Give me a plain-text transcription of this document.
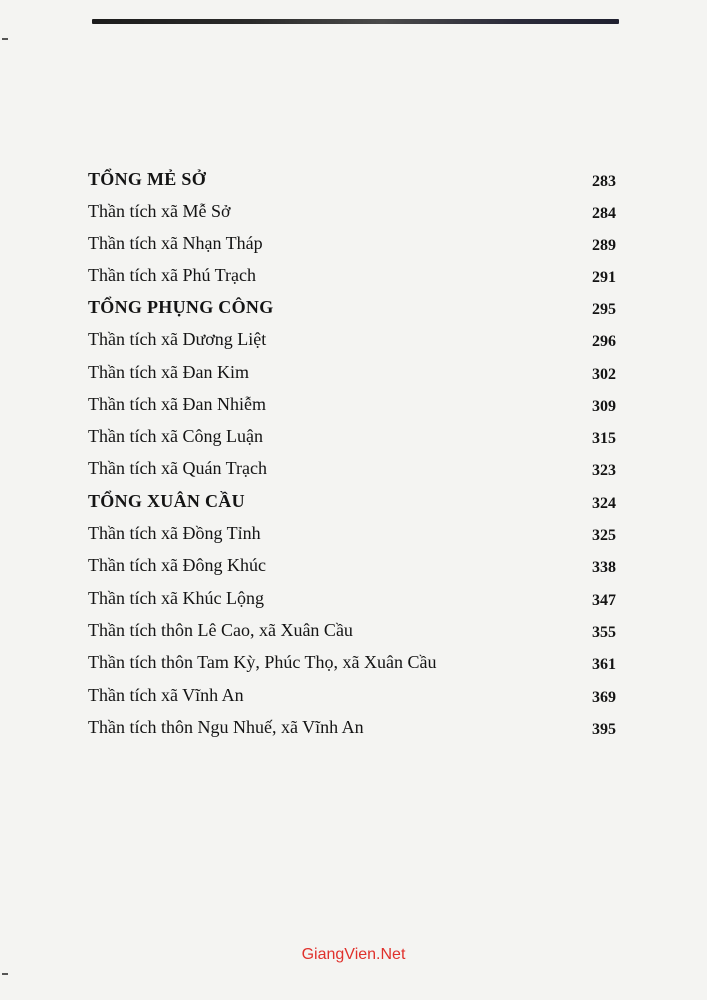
TỔNG MẺ SỞ	283
Thần tích xã Mễ Sở	284
Thần tích xã Nhạn Tháp	289
Thần tích xã Phú Trạch	291
TỔNG PHỤNG CÔNG	295
Thần tích xã Dương Liệt	296
Thần tích xã Đan Kim	302
Thần tích xã Đan Nhiễm	309
Thần tích xã Công Luận	315
Thần tích xã Quán Trạch	323
TỔNG XUÂN CẦU	324
Thần tích xã Đồng Tỉnh	325
Thần tích xã Đông Khúc	338
Thần tích xã Khúc Lộng	347
Thần tích thôn Lê Cao, xã Xuân Cầu	355
Thần tích thôn Tam Kỳ, Phúc Thọ, xã Xuân Cầu	361
Thần tích xã Vĩnh An	369
Thần tích thôn Ngu Nhuế, xã Vĩnh An	395
GiangVien.Net
